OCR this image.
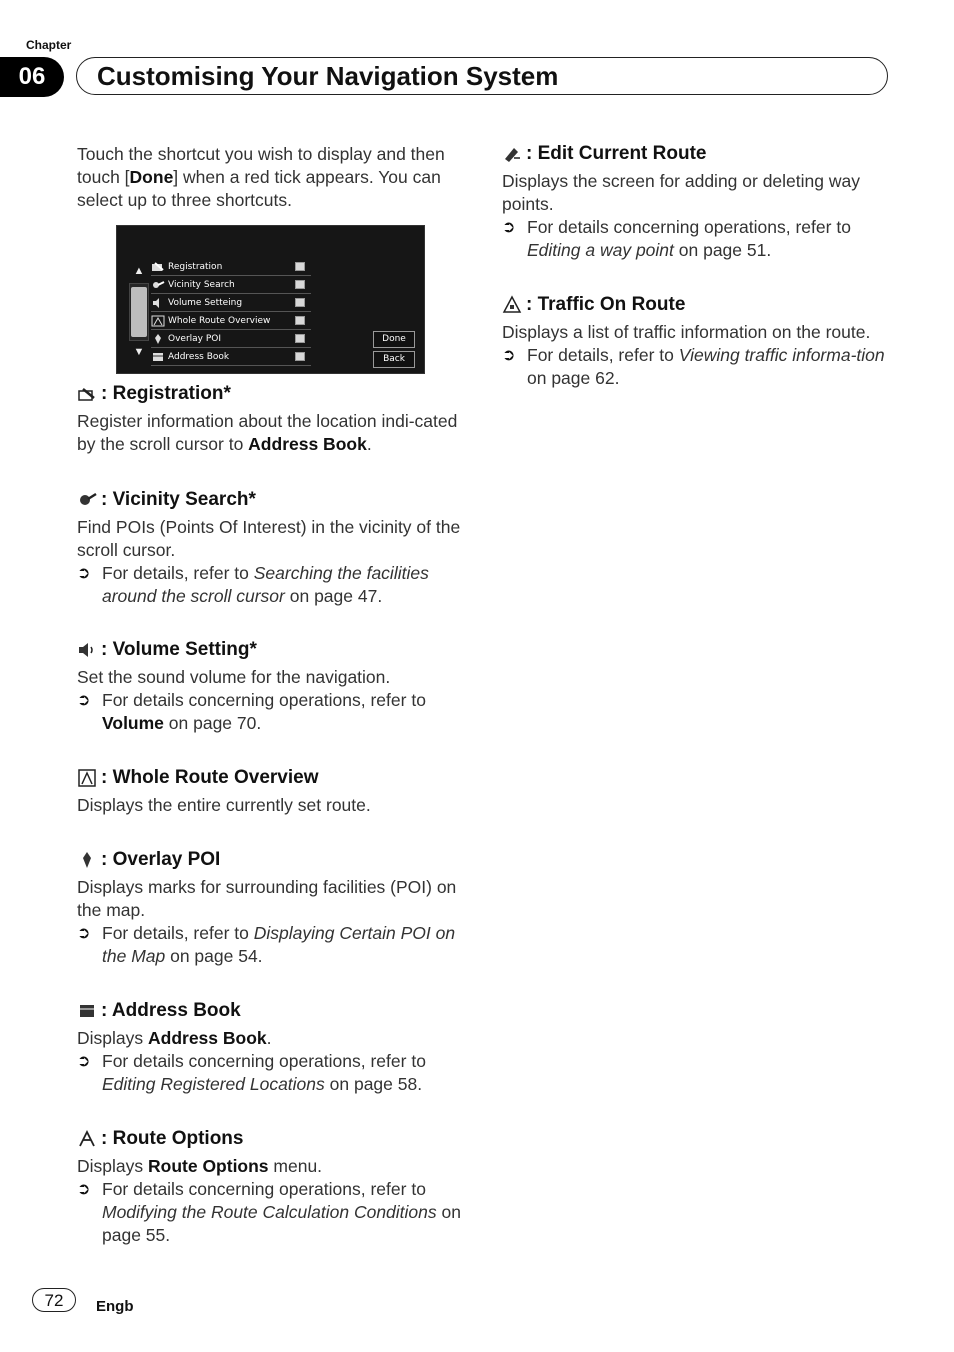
Chapter
06	Customising Your Navigation System
Touch the shortcut you wish to display and then touch [Done] when a red tick appears. You can select up to three shortcuts.
▲
▼
Registration
Vicinity Search
Volume Setteing
Whole Route Overview
Overlay POI
Address Book
Done
Back
: Registration*
Register information about the location indi-cated by the scroll cursor to Address Book.
: Vicinity Search*
Find POIs (Points Of Interest) in the vicinity of the scroll cursor.
➲ For details, refer to Searching the facilities around the scroll cursor on page 47.
: Volume Setting*
Set the sound volume for the navigation.
➲ For details concerning operations, refer to Volume on page 70.
: Whole Route Overview
Displays the entire currently set route.
: Overlay POI
Displays marks for surrounding facilities (POI) on the map.
➲ For details, refer to Displaying Certain POI on the Map on page 54.
: Address Book
Displays Address Book.
➲ For details concerning operations, refer to Editing Registered Locations on page 58.
: Route Options
Displays Route Options menu.
➲ For details concerning operations, refer to Modifying the Route Calculation Conditions on page 55.
: Edit Current Route
Displays the screen for adding or deleting way points.
➲ For details concerning operations, refer to Editing a way point on page 51.
: Traffic On Route
Displays a list of traffic information on the route.
➲ For details, refer to Viewing traffic informa-tion on page 62.
72	Engb
